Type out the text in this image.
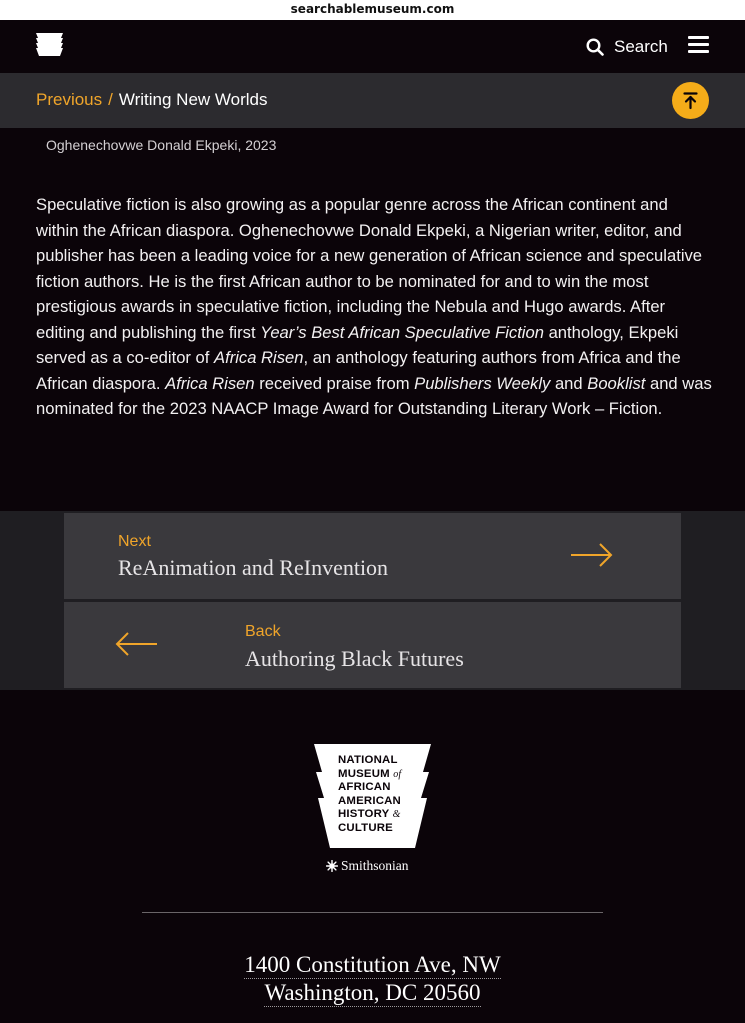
searchablemuseum.com
Search
Previous / Writing New Worlds
Oghenechovwe Donald Ekpeki, 2023

Speculative fiction is also growing as a popular genre across the African continent and within the African diaspora. Oghenechovwe Donald Ekpeki, a Nigerian writer, editor, and publisher has been a leading voice for a new generation of African science and speculative fiction authors. He is the first African author to be nominated for and to win the most prestigious awards in speculative fiction, including the Nebula and Hugo awards. After editing and publishing the first Year’s Best African Speculative Fiction anthology, Ekpeki served as a co-editor of Africa Risen, an anthology featuring authors from Africa and the African diaspora. Africa Risen received praise from Publishers Weekly and Booklist and was nominated for the 2023 NAACP Image Award for Outstanding Literary Work – Fiction.

Next
ReAnimation and ReInvention
Back
Authoring Black Futures
NATIONAL
MUSEUM of
AFRICAN
AMERICAN
HISTORY &
CULTURE
Smithsonian
1400 Constitution Ave, NW
Washington, DC 20560
